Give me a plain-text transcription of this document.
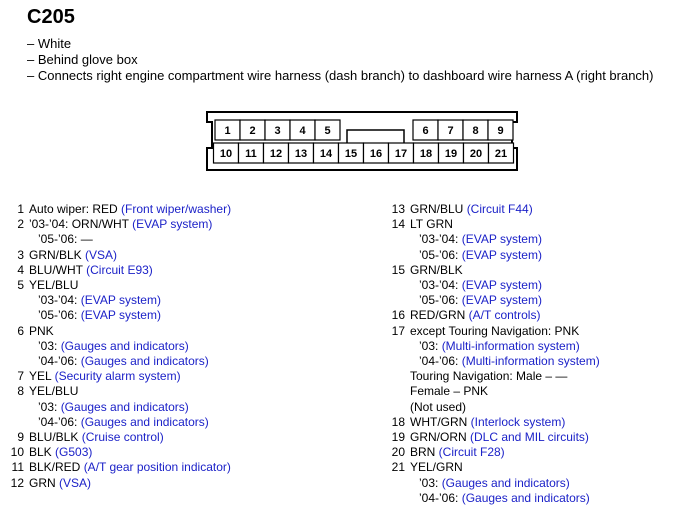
C205
– White
– Behind glove box
– Connects right engine compartment wire harness (dash branch) to dashboard wire harness A (right branch)
1 2 3 4 5	6 7 8 9
10 11 12 13 14 15 16 17 18 19 20 21
1 Auto wiper: RED (Front wiper/washer)
2 ’03-’04: ORN/WHT (EVAP system)
’05-’06: —
3 GRN/BLK (VSA)
4 BLU/WHT (Circuit E93)
5 YEL/BLU
’03-’04: (EVAP system)
’05-’06: (EVAP system)
6 PNK
’03: (Gauges and indicators)
’04-’06: (Gauges and indicators)
7 YEL (Security alarm system)
8 YEL/BLU
’03: (Gauges and indicators)
’04-’06: (Gauges and indicators)
9 BLU/BLK (Cruise control)
10 BLK (G503)
11 BLK/RED (A/T gear position indicator)
12 GRN (VSA)
13 GRN/BLU (Circuit F44)
14 LT GRN
’03-’04: (EVAP system)
’05-’06: (EVAP system)
15 GRN/BLK
’03-’04: (EVAP system)
’05-’06: (EVAP system)
16 RED/GRN (A/T controls)
17 except Touring Navigation: PNK
’03: (Multi-information system)
’04-’06: (Multi-information system)
Touring Navigation: Male – —
Female – PNK
(Not used)
18 WHT/GRN (Interlock system)
19 GRN/ORN (DLC and MIL circuits)
20 BRN (Circuit F28)
21 YEL/GRN
’03: (Gauges and indicators)
’04-’06: (Gauges and indicators)
